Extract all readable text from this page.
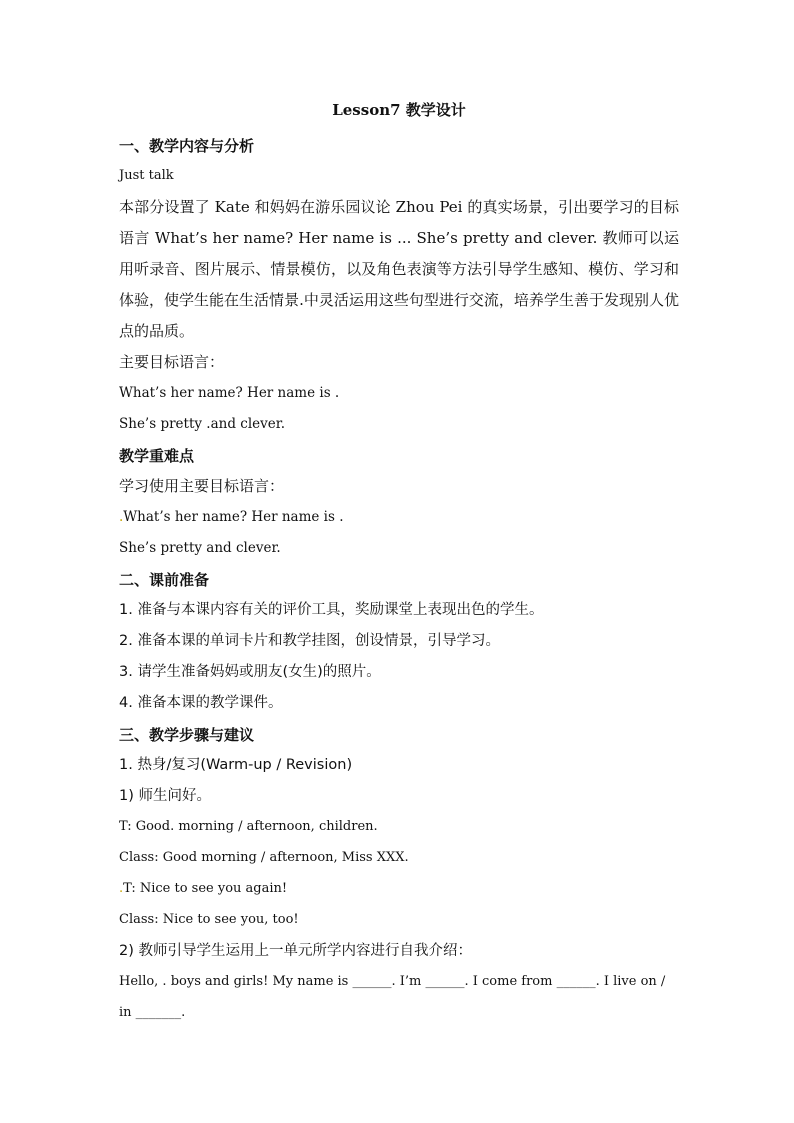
Lesson7 教学设计
一、教学内容与分析
Just talk
本部分设置了 Kate 和妈妈在游乐园议论 Zhou Pei 的真实场景，引出要学习的目标语言 What’s her name? Her name is ... She’s pretty and clever. 教师可以运用听录音、图片展示、情景模仿，以及角色表演等方法引导学生感知、模仿、学习和体验，使学生能在生活情景.中灵活运用这些句型进行交流，培养学生善于发现别人优点的品质。
主要目标语言：
What’s her name? Her name is .
She’s pretty .and clever.
教学重难点
学习使用主要目标语言：
.What’s her name? Her name is .
She’s pretty and clever.
二、课前准备
1. 准备与本课内容有关的评价工具，奖励课堂上表现出色的学生。
2. 准备本课的单词卡片和教学挂图，创设情景，引导学习。
3. 请学生准备妈妈或朋友(女生)的照片。
4. 准备本课的教学课件。
三、教学步骤与建议
1. 热身/复习(Warm-up / Revision)
1) 师生问好。
T: Good. morning / afternoon, children.
Class: Good morning / afternoon, Miss XXX.
.T: Nice to see you again!
Class: Nice to see you, too!
2) 教师引导学生运用上一单元所学内容进行自我介绍：
Hello, . boys and girls! My name is ______. I’m ______. I come from ______. I live on /
in _______.
